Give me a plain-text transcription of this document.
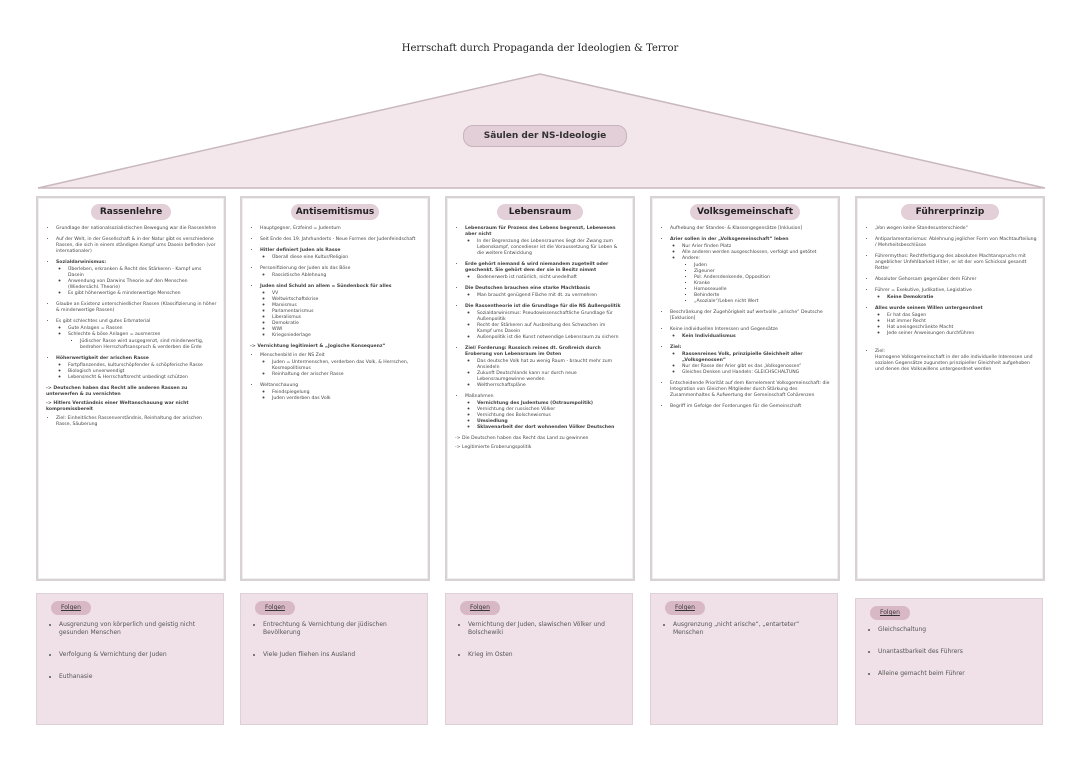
Herrschaft durch Propaganda der Ideologien & Terror
Säulen der NS-Ideologie
Rassenlehre
• Grundlage der nationalsozialistischen Bewegung war die Rassenlehre
• Auf der Welt, in der Gesellschaft & in der Natur gibt es verschiedene Rassen, die sich in einem ständigen Kampf ums Dasein befinden (vor internationaler)
• Sozialdarwinismus:
◦ Überleben, erkranken & Recht des Stärkeren - Kampf ums Dasein
◦ Anwendung von Darwins Theorie auf den Menschen (Wiedersächl. Theorie)
◦ Es gibt höherwertige & minderwertige Menschen
• Glaube an Existenz unterschiedlicher Rassen (Klassifizierung in höher & minderwertige Rassen)
• Es gibt schlechtes und gutes Erbmaterial
◦ Gute Anlagen = Rassen
◦ Schlechte & böse Anlagen = ausmerzen
▪ Jüdischer Rasse wird ausgegrenzt, sind minderwertig, bedrohen Herrschaftsanspruch & verderben die Erde
• Höherwertigkeit der arischen Rasse
◦ Fortpflanzendes, kulturschöpfender & schöpferische Rasse
◦ Biologisch unverwendigt
◦ Lebensrecht & Herrschaftsrecht unbedingt schützen
-> Deutschen haben das Recht alle anderen Rassen zu unterwerfen & zu vernichten
-> Hitlers Verständnis einer Weltanschauung war nicht kompromissbereit
• Ziel: Einheitliches Rassenverständnis, Reinhaltung der arischen Rasse, Säuberung
Antisemitismus
• Hauptgegner, Erzfeind = Judentum
• Seit Ende des 19. Jahrhunderts - Neue Formen der Judenfeindschaft
• Hitler definiert Juden als Rasse
◦ Überall diese eine Kultur/Religion
• Personifizierung der Juden als das Böse
◦ Rassistische Ablehnung
• Juden sind Schuld an allem = Sündenbock für alles
◦ VV
◦ Weltwirtschaftskrise
◦ Marxismus
◦ Parlamentarismus
◦ Liberalismus
◦ Demokratie
◦ WWI
◦ Kriegsniederlage
-> Vernichtung legitimiert & „Jogische Konsequenz“
• Menschenbild in der NS Zeit
◦ Juden = Untermenschen, verderben das Volk, & Herrschen, Kosmopolitismus
◦ Reinhaltung der arischer Rasse
• Weltanschauung
◦ Feindspiegelung
◦ Juden verderben das Volk
Lebensraum
• Lebensraum für Prozess des Lebens begrenzt, Lebewesen aber nicht
◦ In der Begrenzung des Lebensraumes liegt der Zwang zum Lebenskampf, concedieser ist die Voraussetzung für Leben & die weitere Entwicklung
• Erde gehört niemand & wird niemandem zugeteilt oder geschenkt. Sie gehört dem der sie in Besitz nimmt
◦ Bodenerwerb ist natürlich, nicht unedelhaft
• Die Deutschen brauchen eine starke Machtbasis
◦ Man braucht genügend Fläche mit dt. zu vermehren
• Die Rassentheorie ist die Grundlage für die NS Außenpolitik
◦ Sozialdarwinismus: Pseudowissenschaftliche Grundlage für Außenpolitik
◦ Recht der Stärkeren auf Ausbreitung des Schwachen im Kampf ums Dasein
◦ Außenpolitik ist die Kunst notwendige Lebensraum zu sichern
• Ziel/ Forderung: Russisch reines dt. Großreich durch Eroberung von Lebensraum im Osten
◦ Das deutsche Volk hat zu wenig Raum - braucht mehr zum Ansiedeln
◦ Zukunft Deutschlands kann nur durch neue Lebensraumgewinne wenden
◦ Weltherrschaftspläne
• Maßnahmen
◦ Vernichtung des Judentums (Ostraumpolitik)
◦ Vernichtung der russischen Völker
◦ Vernichtung des Bolschewismus
◦ Umsiedlung
◦ Sklavenarbeit der dort wohnenden Völker Deutschen
-> Die Deutschen haben das Recht das Land zu gewinnen
-> Legitimierte Eroberungspolitik
Volksgemeinschaft
• Aufhebung der Standes- & Klassengegensätze [Inklusion]
• Arier sollen in der „Volksgemeinschaft“ leben
◦ Nur Arier finden Platz
◦ Alle anderen werden ausgeschlossen, verfolgt und getötet
◦ Andere:
▪ Juden
▪ Zigeuner
▪ Pol. Andersdenkende, Opposition
▪ Kranke
▪ Homosexuelle
▪ Behinderte
▪ „Asoziale“/Leben nicht Wert
• Beschränkung der Zugehörigkeit auf wertvolle „arische“ Deutsche [Exklusion]
• Keine individuellen Interessen und Gegensätze
◦ Kein Individualismus
• Ziel:
◦ Rassenreines Volk, prinzipielle Gleichheit aller „Volksgenossen“
◦ Nur der Rasse der Arier gibt es das „Volksgenossen“
◦ Gleiches Denken und Handeln: GLEICHSCHALTUNG
• Entscheidende Priorität auf dem Kernelement Volksgemeinschaft: die Integration von Gleichen Mitglieder durch Stärkung des Zusammenhaltes & Aufwertung der Gemeinschaft Cohärenzen
• Begriff im Gefolge der Forderungen für die Gemeinschaft
Führerprinzip
• „Von wegen keine Standesunterschiede“
• Antiparlamentarismus: Ablehnung jeglicher Form von Machtaufteilung / Mehrheitsbeschlüsse
• Führermythos: Rechtfertigung des absoluten Machtanspruchs mit angeblicher Unfehlbarkeit Hitler, er ist der vom Schicksal gesandt Retter
• Absoluter Gehorsam gegenüber dem Führer
• Führer = Exekutive, Judikative, Legislative
◦ Keine Demokratie
• Alles wurde seinem Willen untergeordnet
◦ Er hat das Sagen
◦ Hat immer Recht
◦ Hat uneingeschränkte Macht
◦ Jede seiner Anweisungen durchführen
• Ziel:
Homogene Volksgemeinschaft in der alle individuelle Interessen und sozialen Gegensätze zugunsten prinzipieller Gleichheit aufgehoben und denen des Volkswillens untergeordnet werden
Folgen
• Ausgrenzung von körperlich und geistig nicht gesunden Menschen
• Verfolgung & Vernichtung der Juden
• Euthanasie
Folgen
• Entrechtung & Vernichtung der jüdischen Bevölkerung
• Viele Juden fliehen ins Ausland
Folgen
• Vernichtung der Juden, slawischen Völker und Bolschewiki
• Krieg im Osten
Folgen
• Ausgrenzung „nicht arische“, „entarteter“ Menschen
Folgen
• Gleichschaltung
• Unantastbarkeit des Führers
• Alleine gemacht beim Führer
